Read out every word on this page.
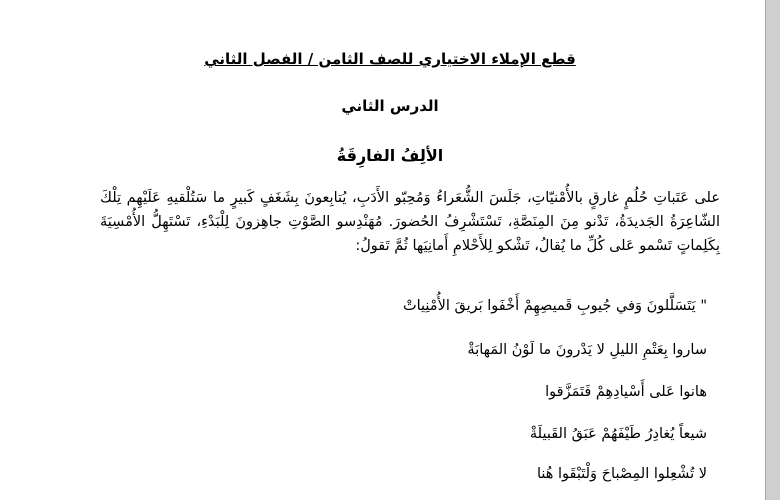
قطع الإملاء الاختياري للصف الثامن / الفصل الثاني
الدرس الثاني
الألِفُ الفارِقَةُ
على عَتَباتِ حُلُمٍ غارقٍ بالأُمْنيّاتِ، جَلَسَ الشُّعَراءُ وَمُحِبّو الأَدَبِ، يُتابِعونَ بِشَغَفٍ كَبيرٍ ما سَتُلْقيهِ عَلَيْهِم تِلْكَ الشّاعِرَةُ الجَديدَةُ، تَدْنو مِنَ المِنَصَّةِ، تَسْتَشْرِفُ الحُضورَ. مُهَنْدِسو الصَّوْتِ جاهِزونَ لِلْبَدْءِ، تَسْتَهِلُّ الأُمْسِيَةَ بِكَلِماتٍ تَسْمو عَلى كُلِّ ما يُقالُ، تَشْكو لِلأَحْلامِ أَمانِيَها ثُمَّ تَقولُ:
" يَتَسَلَّلونَ وَفي جُيوبِ قَميصِهِمْ أَخْفَوا بَريقَ الأُمْنِياتْ
ساروا بِعَتْمِ الليلِ لا يَدْرونَ ما لَوْنُ المَهابَةْ
هانوا عَلى أَسْيادِهِمْ فَتَمَزَّقوا
شيعاً يُغادِرُ طَيْفَهُمْ عَبَقُ القَبيلَةْ
لا تُشْعِلوا المِصْباحَ وَلْتَبْقَوا هُنا
